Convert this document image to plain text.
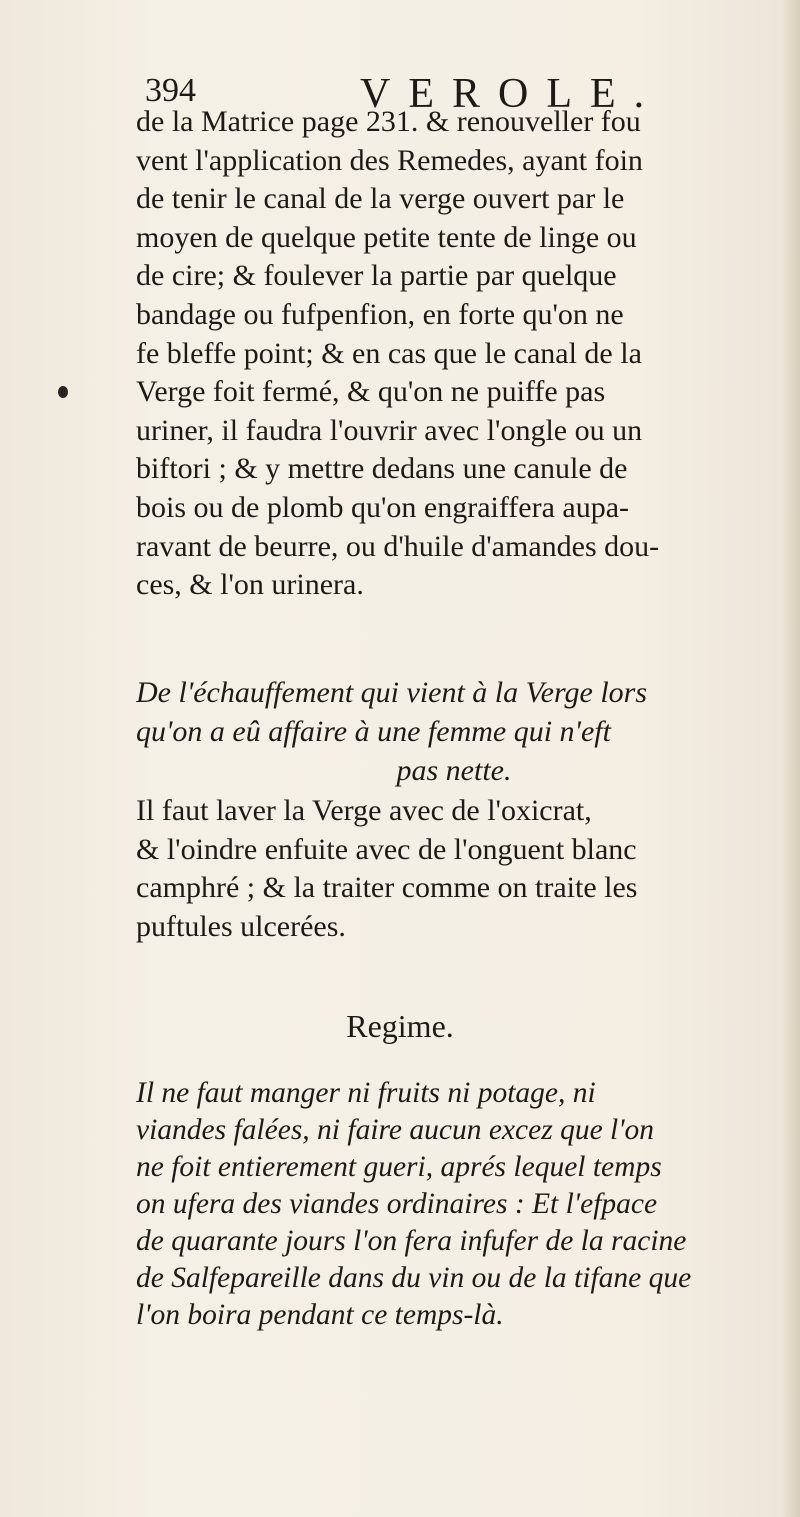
394	VEROLE.
de la Matrice page 231. & renouveller fou
vent l'application des Remedes, ayant foin
de tenir le canal de la verge ouvert par le
moyen de quelque petite tente de linge ou
de cire; & foulever la partie par quelque
bandage ou fufpenfion, en forte qu'on ne
fe bleffe point; & en cas que le canal de la
Verge foit fermé, & qu'on ne puiffe pas
uriner, il faudra l'ouvrir avec l'ongle ou un
biftori ; & y mettre dedans une canule de
bois ou de plomb qu'on engraiffera aupa-
ravant de beurre, ou d'huile d'amandes dou-
ces, & l'on urinera.
De l'échauffement qui vient à la Verge lors
qu'on a eû affaire à une femme qui n'eft
pas nette.
Il faut laver la Verge avec de l'oxicrat,
& l'oindre enfuite avec de l'onguent blanc
camphré ; & la traiter comme on traite les
puftules ulcerées.
Regime.
Il ne faut manger ni fruits ni potage, ni
viandes falées, ni faire aucun excez que l'on
ne foit entierement gueri, aprés lequel temps
on ufera des viandes ordinaires : Et l'efpace
de quarante jours l'on fera infufer de la racine
de Salfepareille dans du vin ou de la tifane que
l'on boira pendant ce temps-là.
